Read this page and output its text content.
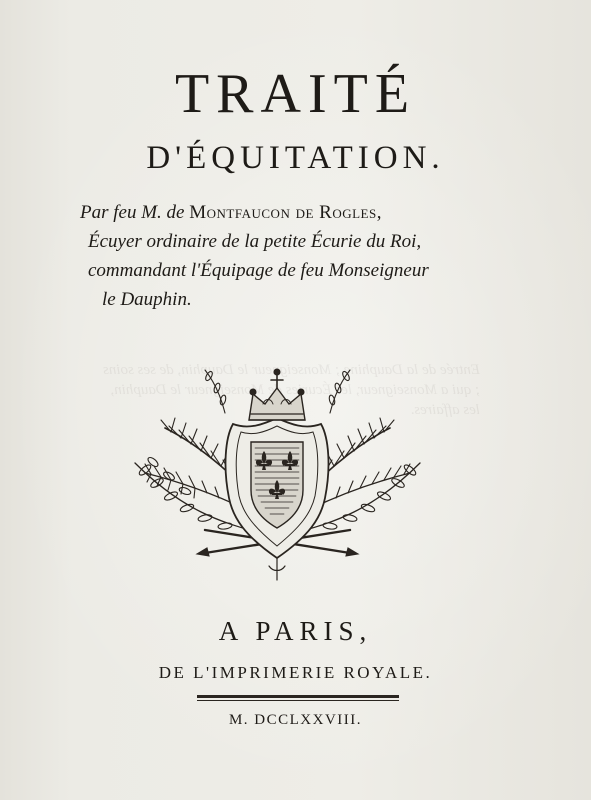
Entrée de la Dauphine ; Monseigneur le Dauphin, de ses soins ; qui a Monseigneur, les Écuries de Monseigneur le Dauphin, les affaires.
TRAITÉ
D'ÉQUITATION.
Par feu M. de Montfaucon de Rogles,
Écuyer ordinaire de la petite Écurie du Roi,
commandant l'Équipage de feu Monseigneur
le Dauphin.
A PARIS,
DE L'IMPRIMERIE ROYALE.

M. DCCLXXVIII.
